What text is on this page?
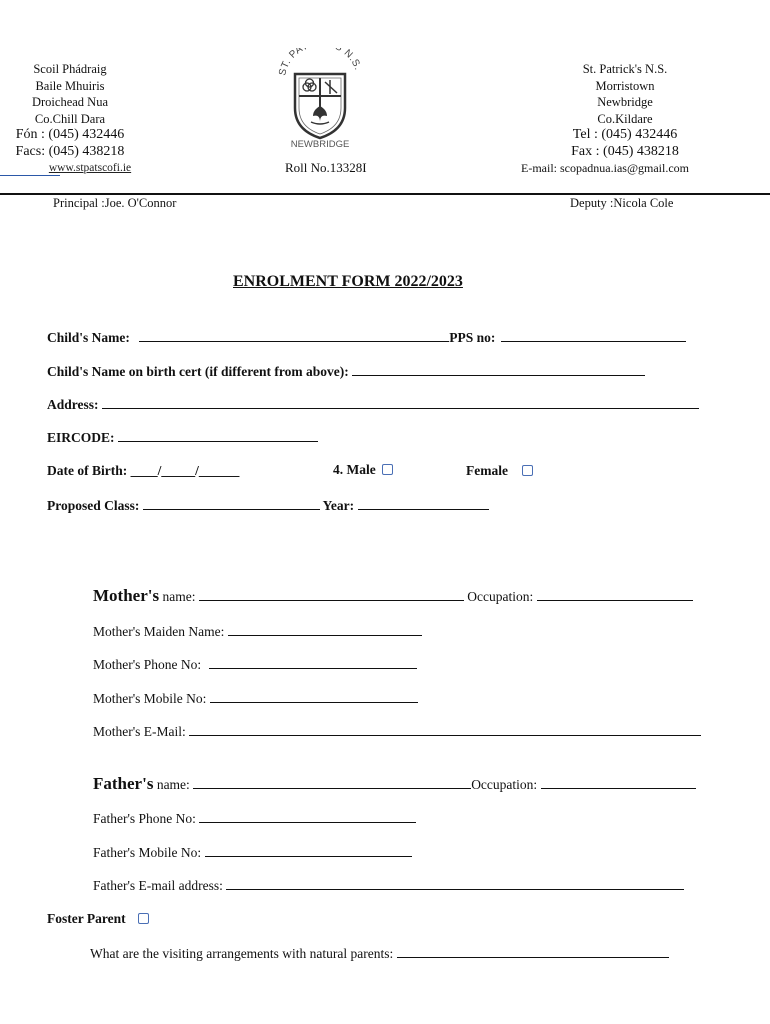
Scoil Phádraig
Baile Mhuiris
Droichead Nua
Co.Chill Dara
Fón : (045) 432446
Facs: (045) 438218
www.stpatscofi.ie
ST. PA N.S.
NEWBRIDGE
Roll No.13328I
St. Patrick's N.S.
Morristown
Newbridge
Co.Kildare
Tel : (045) 432446
Fax : (045) 438218
E-mail: scopadnua.ias@gmail.com
Principal :Joe. O'Connor	Deputy :Nicola Cole
ENROLMENT FORM 2022/2023
Child's Name:	PPS no:
Child's Name on birth cert (if different from above):
Address:
EIRCODE:
Date of Birth: ____/_____/______	4. Male	Female
Proposed Class:	Year:
Mother's name:	Occupation:
Mother's Maiden Name:
Mother's Phone No:
Mother's Mobile No:
Mother's E-Mail:
Father's name:	Occupation:
Father's Phone No:
Father's Mobile No:
Father's E-mail address:
Foster Parent
What are the visiting arrangements with natural parents:
